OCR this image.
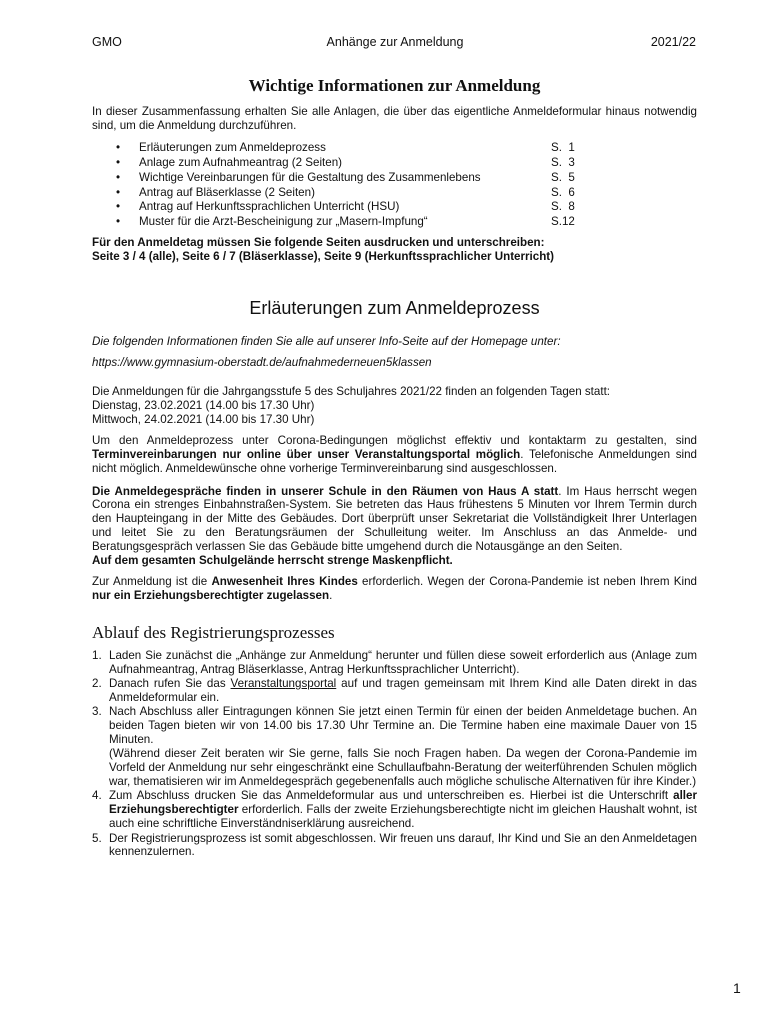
GMO	Anhänge zur Anmeldung	2021/22
Wichtige Informationen zur Anmeldung

In dieser Zusammenfassung erhalten Sie alle Anlagen, die über das eigentliche Anmeldeformular hinaus notwendig sind, um die Anmeldung durchzuführen.

•	Erläuterungen zum Anmeldeprozess	S.  1
•	Anlage zum Aufnahmeantrag (2 Seiten)	S.  3
•	Wichtige Vereinbarungen für die Gestaltung des Zusammenlebens	S.  5
•	Antrag auf Bläserklasse (2 Seiten)	S.  6
•	Antrag auf Herkunftssprachlichen Unterricht (HSU)	S.  8
•	Muster für die Arzt-Bescheinigung zur „Masern-Impfung“	S.12

Für den Anmeldetag müssen Sie folgende Seiten ausdrucken und unterschreiben:

Seite 3 / 4 (alle), Seite 6 / 7 (Bläserklasse), Seite 9 (Herkunftssprachlicher Unterricht)

Erläuterungen zum Anmeldeprozess

Die folgenden Informationen finden Sie alle auf unserer Info-Seite auf der Homepage unter:

https://www.gymnasium-oberstadt.de/aufnahmederneuen5klassen

Die Anmeldungen für die Jahrgangsstufe 5 des Schuljahres 2021/22 finden an folgenden Tagen statt:

Dienstag, 23.02.2021 (14.00 bis 17.30 Uhr)

Mittwoch, 24.02.2021 (14.00 bis 17.30 Uhr)

Um den Anmeldeprozess unter Corona-Bedingungen möglichst effektiv und kontaktarm zu gestalten, sind Terminvereinbarungen nur online über unser Veranstaltungsportal möglich. Telefonische Anmeldungen sind nicht möglich. Anmeldewünsche ohne vorherige Terminvereinbarung sind ausgeschlossen.

Die Anmeldegespräche finden in unserer Schule in den Räumen von Haus A statt. Im Haus herrscht wegen Corona ein strenges Einbahnstraßen-System. Sie betreten das Haus frühestens 5 Minuten vor Ihrem Termin durch den Haupteingang in der Mitte des Gebäudes. Dort überprüft unser Sekretariat die Vollständigkeit Ihrer Unterlagen und leitet Sie zu den Beratungsräumen der Schulleitung weiter. Im Anschluss an das Anmelde- und Beratungsgespräch verlassen Sie das Gebäude bitte umgehend durch die Notausgänge an den Seiten.

Auf dem gesamten Schulgelände herrscht strenge Maskenpflicht.

Zur Anmeldung ist die Anwesenheit Ihres Kindes erforderlich. Wegen der Corona-Pandemie ist neben Ihrem Kind nur ein Erziehungsberechtigter zugelassen.

Ablauf des Registrierungsprozesses
1. Laden Sie zunächst die „Anhänge zur Anmeldung“ herunter und füllen diese soweit erforderlich aus (Anlage zum Aufnahmeantrag, Antrag Bläserklasse, Antrag Herkunftssprachlicher Unterricht).
2. Danach rufen Sie das Veranstaltungsportal auf und tragen gemeinsam mit Ihrem Kind alle Daten direkt in das Anmeldeformular ein.
3. Nach Abschluss aller Eintragungen können Sie jetzt einen Termin für einen der beiden Anmeldetage buchen. An beiden Tagen bieten wir von 14.00 bis 17.30 Uhr Termine an. Die Termine haben eine maximale Dauer von 15 Minuten.
(Während dieser Zeit beraten wir Sie gerne, falls Sie noch Fragen haben. Da wegen der Corona-Pandemie im Vorfeld der Anmeldung nur sehr eingeschränkt eine Schullaufbahn-Beratung der weiterführenden Schulen möglich war, thematisieren wir im Anmeldegespräch gegebenenfalls auch mögliche schulische Alternativen für ihre Kinder.)
4. Zum Abschluss drucken Sie das Anmeldeformular aus und unterschreiben es. Hierbei ist die Unterschrift aller Erziehungsberechtigter erforderlich. Falls der zweite Erziehungsberechtigte nicht im gleichen Haushalt wohnt, ist auch eine schriftliche Einverständniserklärung ausreichend.
5. Der Registrierungsprozess ist somit abgeschlossen. Wir freuen uns darauf, Ihr Kind und Sie an den Anmeldetagen kennenzulernen.
1
